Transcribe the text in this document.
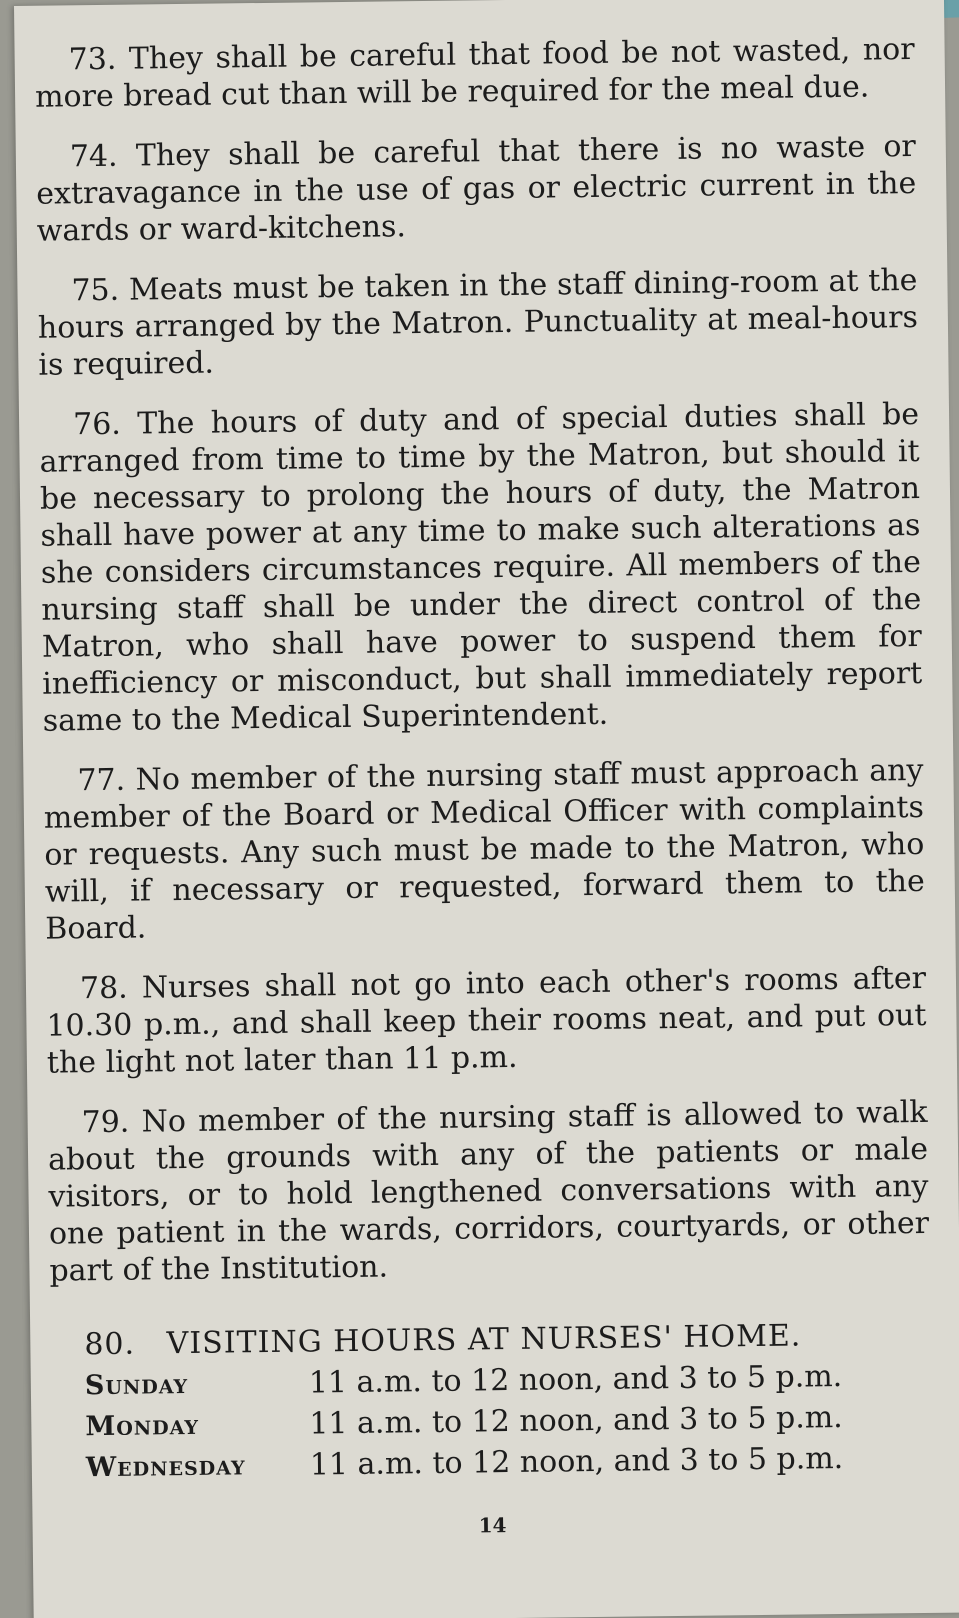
73. They shall be careful that food be not wasted, nor more bread cut than will be required for the meal due.

74. They shall be careful that there is no waste or extravagance in the use of gas or electric current in the wards or ward-kitchens.

75. Meats must be taken in the staff dining-room at the hours arranged by the Matron. Punctuality at meal-hours is required.

76. The hours of duty and of special duties shall be arranged from time to time by the Matron, but should it be necessary to prolong the hours of duty, the Matron shall have power at any time to make such alterations as she considers circumstances require. All members of the nursing staff shall be under the direct control of the Matron, who shall have power to suspend them for inefficiency or misconduct, but shall immediately report same to the Medical Superintendent.

77. No member of the nursing staff must approach any member of the Board or Medical Officer with complaints or requests. Any such must be made to the Matron, who will, if necessary or requested, forward them to the Board.

78. Nurses shall not go into each other's rooms after 10.30 p.m., and shall keep their rooms neat, and put out the light not later than 11 p.m.

79. No member of the nursing staff is allowed to walk about the grounds with any of the patients or male visitors, or to hold lengthened conversations with any one patient in the wards, corridors, courtyards, or other part of the Institution.

80. VISITING HOURS AT NURSES' HOME.
Sunday	11 a.m. to 12 noon, and 3 to 5 p.m.
Monday	11 a.m. to 12 noon, and 3 to 5 p.m.
Wednesday	11 a.m. to 12 noon, and 3 to 5 p.m.
14
